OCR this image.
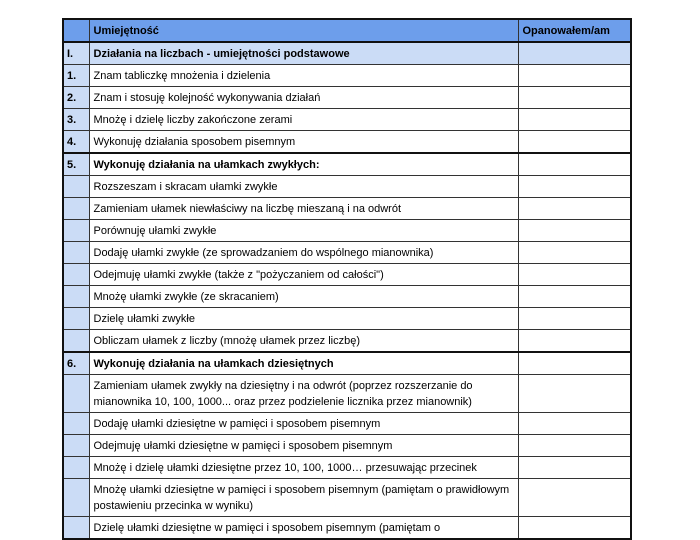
	Umiejętność	Opanowałem/am
I.	Działania na liczbach - umiejętności podstawowe	
1.	Znam tabliczkę mnożenia i dzielenia	
2.	Znam i stosuję kolejność wykonywania działań	
3.	Mnożę i dzielę liczby zakończone zerami	
4.	Wykonuję działania sposobem pisemnym	
5.	Wykonuję działania na ułamkach zwykłych:	
	Rozszeszam i skracam ułamki zwykłe	
	Zamieniam ułamek niewłaściwy na liczbę mieszaną i na odwrót	
	Porównuję ułamki zwykłe	
	Dodaję ułamki zwykłe (ze sprowadzaniem do wspólnego mianownika)	
	Odejmuję ułamki zwykłe (także z "pożyczaniem od całości")	
	Mnożę ułamki zwykłe (ze skracaniem)	
	Dzielę ułamki zwykłe	
	Obliczam ułamek z liczby (mnożę ułamek przez liczbę)	
6.	Wykonuję działania na ułamkach dziesiętnych	
	Zamieniam ułamek zwykły na dziesiętny i na odwrót (poprzez rozszerzanie do mianownika 10, 100, 1000... oraz przez podzielenie licznika przez mianownik)	
	Dodaję ułamki dziesiętne w pamięci i sposobem pisemnym	
	Odejmuję ułamki dziesiętne w pamięci i sposobem pisemnym	
	Mnożę i dzielę ułamki dziesiętne przez 10, 100, 1000… przesuwając przecinek	
	Mnożę ułamki dziesiętne w pamięci i sposobem pisemnym (pamiętam o prawidłowym postawieniu przecinka w wyniku)	
	Dzielę ułamki dziesiętne w pamięci i sposobem pisemnym (pamiętam o	
